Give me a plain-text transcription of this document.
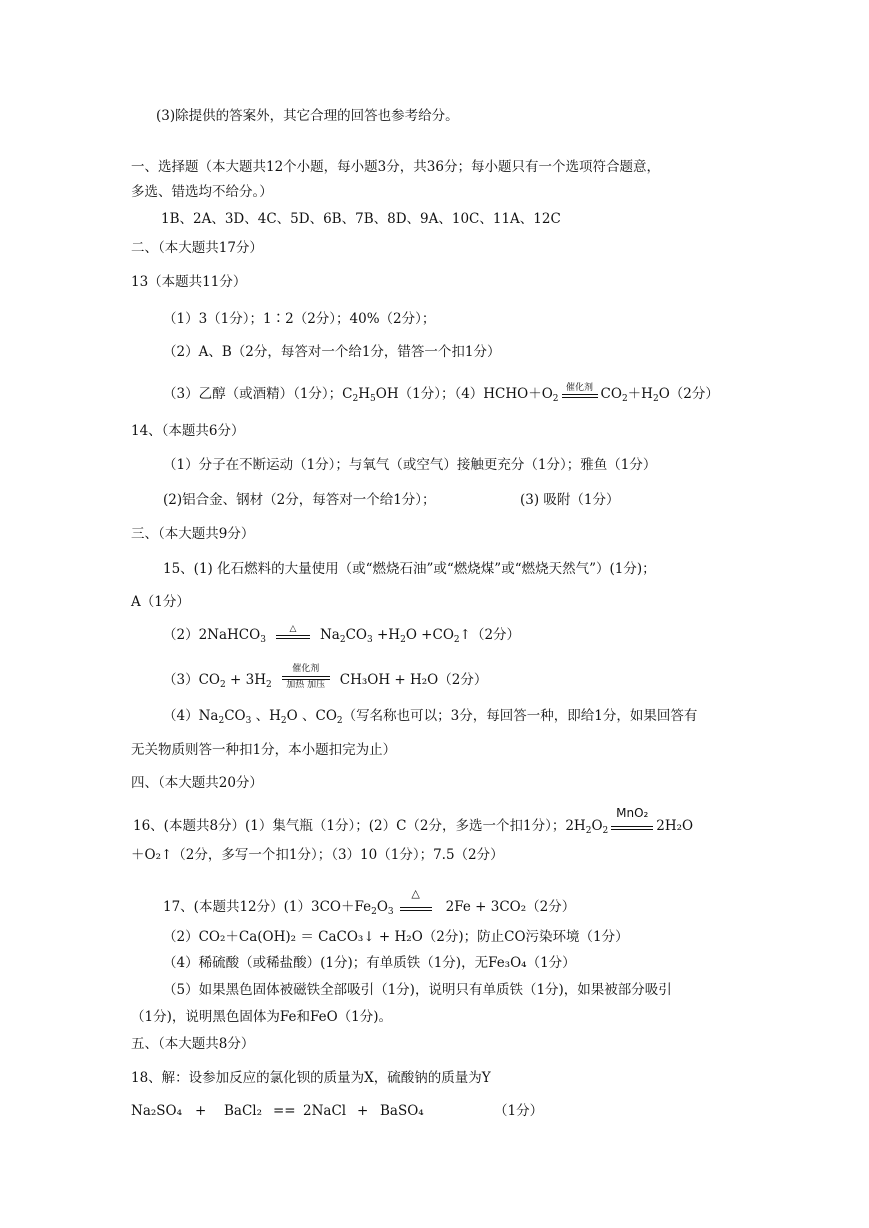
(3)除提供的答案外，其它合理的回答也参考给分。
一、选择题（本大题共12个小题，每小题3分，共36分；每小题只有一个选项符合题意，
多选、错选均不给分。）
1B、2A、3D、4C、5D、6B、7B、8D、9A、10C、11A、12C
二、（本大题共17分）
13（本题共11分）
（1）3（1分）；1∶2（2分）；40%（2分）；
（2）A、B（2分，每答对一个给1分，错答一个扣1分）
（3）乙醇（或酒精）（1分）；$C_2H_5OH(1$分）；$(4)HCHO+O_2$
催化剂 $CO_2+H_2O(2$分）
14、（本题共6分）
（1）分子在不断运动（1分）；与氧气（或空气）接触更充分（1分）；雅鱼（1分）
(2)铝合金、钢材（2分，每答对一个给1分）；	(3) 吸附（1分）
三、（本大题共9分）
15、(1) 化石燃料的大量使用（或“燃烧石油”或“燃烧煤”或“燃烧天然气”）(1分)；
A（1分）
（2）2NaHCO$_3$
△	$Na_2CO_3 +H_2O$ $+CO_2↑(2$分）
$(3)CO_2 + 3H_2$
催化剂
加热 加压	CH₃OH + H₂O（2分）
$(4)Na_2CO_3$ 、$H_2O$ 、$CO_2$（写名称也可以；3分，每回答一种，即给1分，如果回答有
无关物质则答一种扣1分，本小题扣完为止）
四、（本大题共20分）
16、(本题共8分）(1）集气瓶（1分）；(2）C（2分，多选一个扣1分）；$2H_2O_2$
MnO₂
2H₂O
＋O₂↑（2分，多写一个扣1分）；（3）10（1分）；7.5（2分）
17、(本题共12分）$(1)3CO+Fe_2O_3$
△
2Fe + 3CO₂（2分）
（2）CO₂＋Ca(OH)₂ ＝ CaCO₃↓ + H₂O（2分)；防止CO污染环境（1分）
（4）稀硫酸（或稀盐酸）(1分)；有单质铁（1分)，无Fe₃O₄（1分）
（5）如果黑色固体被磁铁全部吸引（1分)，说明只有单质铁（1分)，如果被部分吸引
（1分)，说明黑色固体为Fe和FeO（1分)。
五、（本大题共8分）
18、解：设参加反应的氯化钡的质量为X，硫酸钠的质量为Y
Na₂SO₄ + BaCl₂ == 2NaCl + BaSO₄	（1分）
